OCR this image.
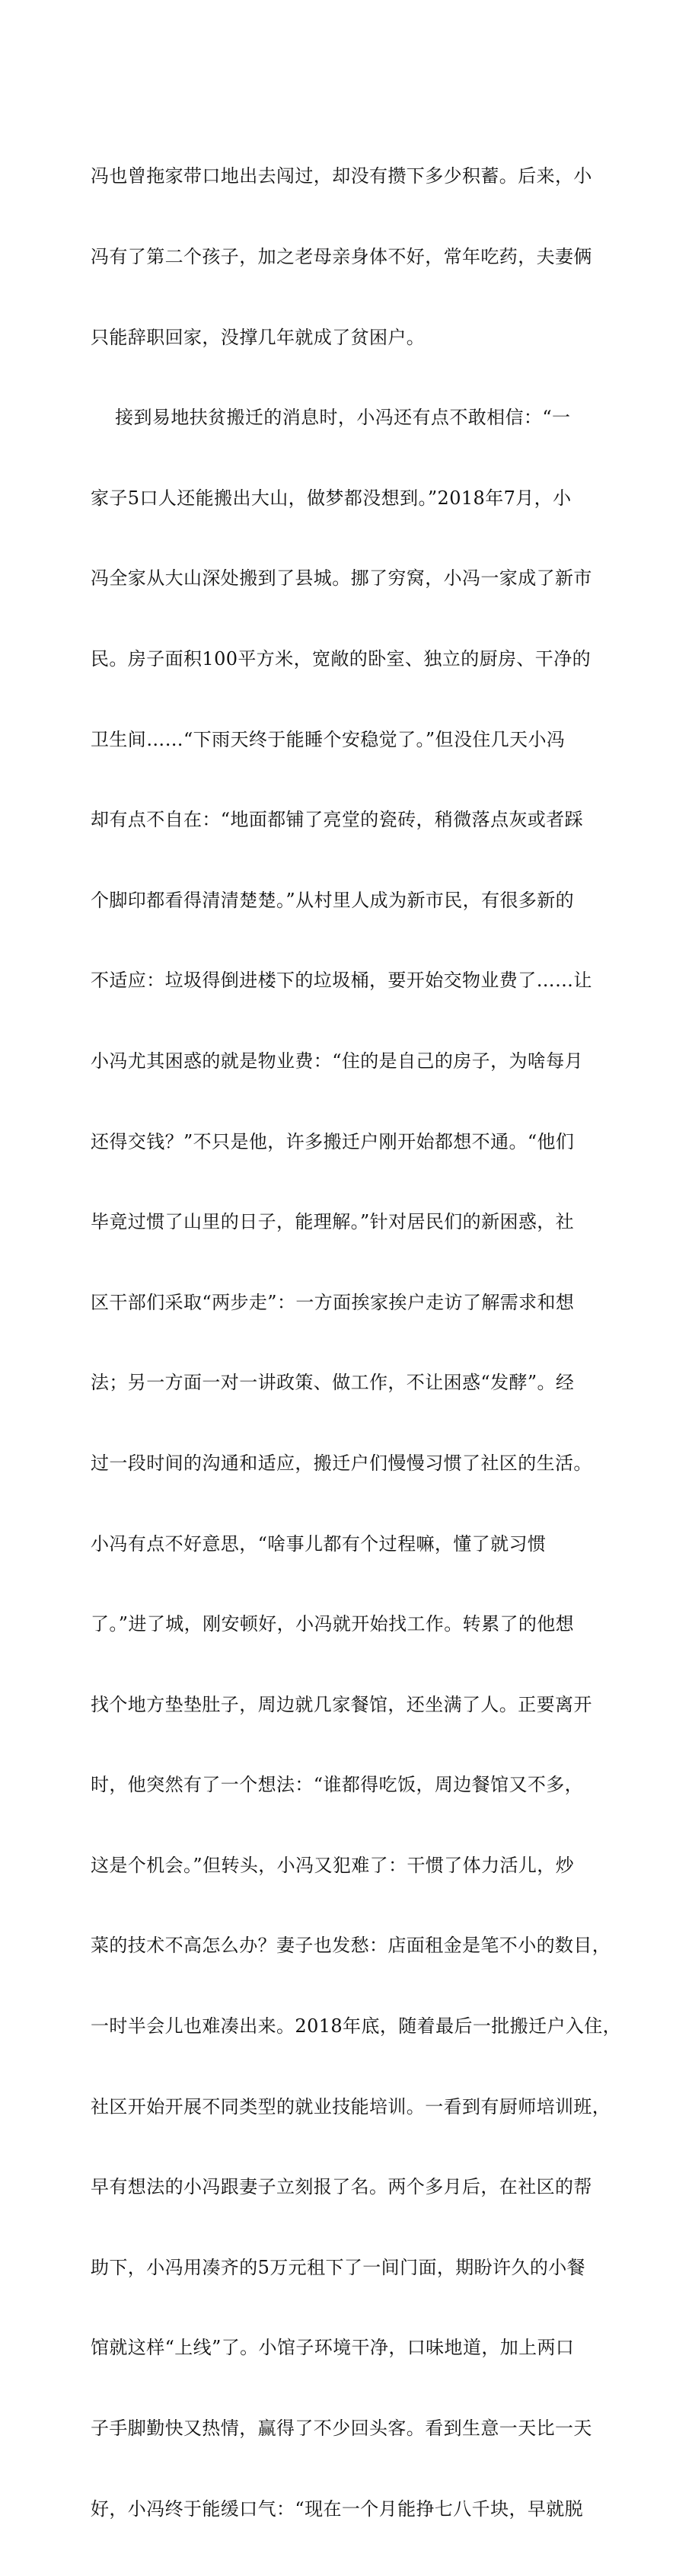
冯也曾拖家带口地出去闯过，却没有攒下多少积蓄。后来，小

冯有了第二个孩子，加之老母亲身体不好，常年吃药，夫妻俩

只能辞职回家，没撑几年就成了贫困户。

接到易地扶贫搬迁的消息时，小冯还有点不敢相信：“一

家子5口人还能搬出大山，做梦都没想到。”2018年7月，小

冯全家从大山深处搬到了县城。挪了穷窝，小冯一家成了新市

民。房子面积100平方米，宽敞的卧室、独立的厨房、干净的

卫生间……“下雨天终于能睡个安稳觉了。”但没住几天小冯

却有点不自在：“地面都铺了亮堂的瓷砖，稍微落点灰或者踩

个脚印都看得清清楚楚。”从村里人成为新市民，有很多新的

不适应：垃圾得倒进楼下的垃圾桶，要开始交物业费了……让

小冯尤其困惑的就是物业费：“住的是自己的房子，为啥每月

还得交钱？”不只是他，许多搬迁户刚开始都想不通。“他们

毕竟过惯了山里的日子，能理解。”针对居民们的新困惑，社

区干部们采取“两步走”：一方面挨家挨户走访了解需求和想

法；另一方面一对一讲政策、做工作，不让困惑“发酵”。经

过一段时间的沟通和适应，搬迁户们慢慢习惯了社区的生活。

小冯有点不好意思，“啥事儿都有个过程嘛，懂了就习惯

了。”进了城，刚安顿好，小冯就开始找工作。转累了的他想

找个地方垫垫肚子，周边就几家餐馆，还坐满了人。正要离开

时，他突然有了一个想法：“谁都得吃饭，周边餐馆又不多，

这是个机会。”但转头，小冯又犯难了：干惯了体力活儿，炒

菜的技术不高怎么办？妻子也发愁：店面租金是笔不小的数目，

一时半会儿也难凑出来。2018年底，随着最后一批搬迁户入住，

社区开始开展不同类型的就业技能培训。一看到有厨师培训班，

早有想法的小冯跟妻子立刻报了名。两个多月后，在社区的帮

助下，小冯用凑齐的5万元租下了一间门面，期盼许久的小餐

馆就这样“上线”了。小馆子环境干净，口味地道，加上两口

子手脚勤快又热情，赢得了不少回头客。看到生意一天比一天

好，小冯终于能缓口气：“现在一个月能挣七八千块，早就脱
